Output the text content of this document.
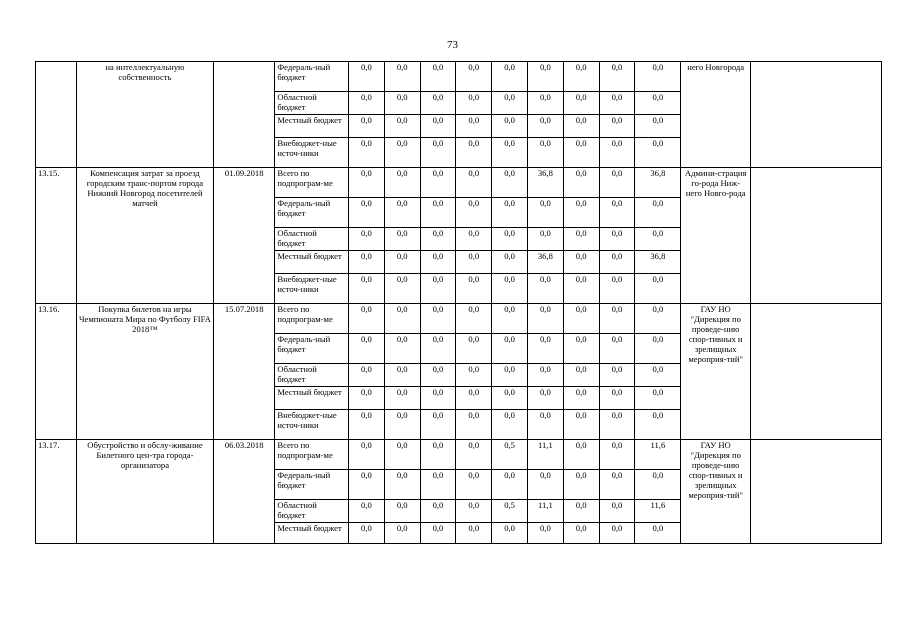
73
	на интеллектуальную собственность		Федераль-ный бюджет	0,0	0,0	0,0	0,0	0,0	0,0	0,0	0,0	0,0	него Новгорода	
			Областной бюджет	0,0	0,0	0,0	0,0	0,0	0,0	0,0	0,0	0,0		
			Местный бюджет	0,0	0,0	0,0	0,0	0,0	0,0	0,0	0,0	0,0		
			Внебюджет-ные источ-ники	0,0	0,0	0,0	0,0	0,0	0,0	0,0	0,0	0,0		
13.15.	Компенсация затрат за проезд городским транс-портом города Нижний Новгород посетителей матчей	01.09.2018	Всего по подпрограм-ме	0,0	0,0	0,0	0,0	0,0	36,8	0,0	0,0	36,8	Админи-страция го-рода Ниж-него Новго-рода	
			Федераль-ный бюджет	0,0	0,0	0,0	0,0	0,0	0,0	0,0	0,0	0,0		
			Областной бюджет	0,0	0,0	0,0	0,0	0,0	0,0	0,0	0,0	0,0		
			Местный бюджет	0,0	0,0	0,0	0,0	0,0	36,8	0,0	0,0	36,8		
			Внебюджет-ные источ-ники	0,0	0,0	0,0	0,0	0,0	0,0	0,0	0,0	0,0		
13.16.	Покупка билетов на игры Чемпионата Мира по Футболу FIFA 2018™	15.07.2018	Всего по подпрограм-ме	0,0	0,0	0,0	0,0	0,0	0,0	0,0	0,0	0,0	ГАУ НО "Дирекция по проведе-нию спор-тивных и зрелищных мероприя-тий"	
			Федераль-ный бюджет	0,0	0,0	0,0	0,0	0,0	0,0	0,0	0,0	0,0		
			Областной бюджет	0,0	0,0	0,0	0,0	0,0	0,0	0,0	0,0	0,0		
			Местный бюджет	0,0	0,0	0,0	0,0	0,0	0,0	0,0	0,0	0,0		
			Внебюджет-ные источ-ники	0,0	0,0	0,0	0,0	0,0	0,0	0,0	0,0	0,0		
13.17.	Обустройство и обслу-живание Билетного цен-тра города-организатора	06.03.2018	Всего по подпрограм-ме	0,0	0,0	0,0	0,0	0,5	11,1	0,0	0,0	11,6	ГАУ НО "Дирекция по проведе-нию спор-тивных и зрелищных мероприя-тий"	
			Федераль-ный бюджет	0,0	0,0	0,0	0,0	0,0	0,0	0,0	0,0	0,0		
			Областной бюджет	0,0	0,0	0,0	0,0	0,5	11,1	0,0	0,0	11,6		
			Местный бюджет	0,0	0,0	0,0	0,0	0,0	0,0	0,0	0,0	0,0		
